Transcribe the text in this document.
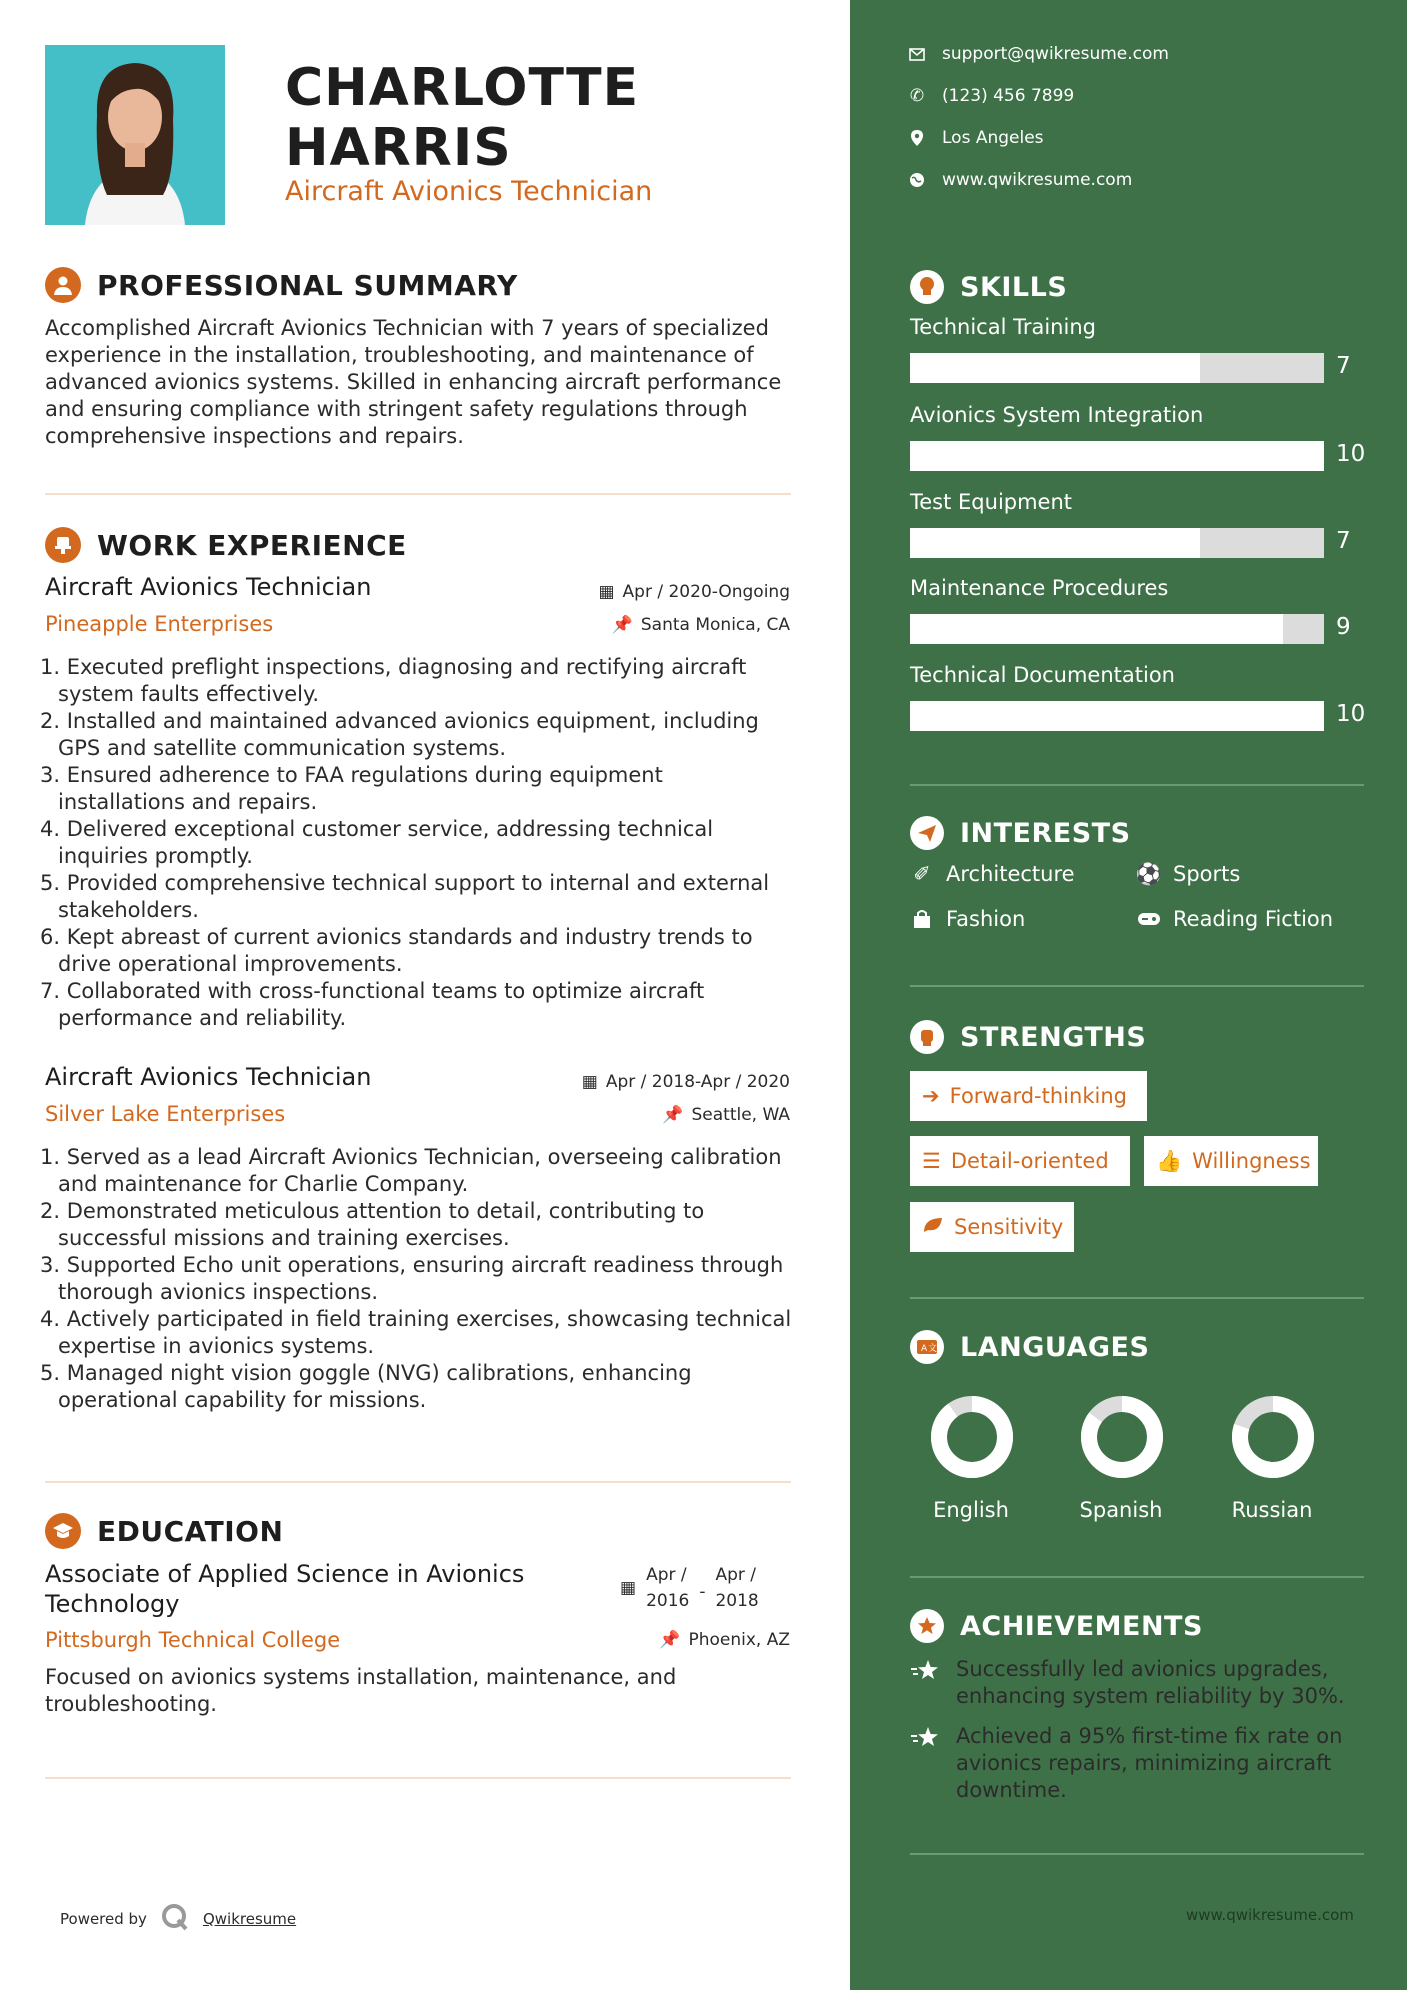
CHARLOTTE
HARRIS
Aircraft Avionics Technician
PROFESSIONAL SUMMARY
Accomplished Aircraft Avionics Technician with 7 years of specialized experience in the installation, troubleshooting, and maintenance of advanced avionics systems. Skilled in enhancing aircraft performance and ensuring compliance with stringent safety regulations through comprehensive inspections and repairs.
WORK EXPERIENCE
Aircraft Avionics Technician
Pineapple Enterprises
▦ Apr / 2020-Ongoing
📌 Santa Monica, CA
1. Executed preflight inspections, diagnosing and rectifying aircraft system faults effectively.
2. Installed and maintained advanced avionics equipment, including GPS and satellite communication systems.
3. Ensured adherence to FAA regulations during equipment installations and repairs.
4. Delivered exceptional customer service, addressing technical inquiries promptly.
5. Provided comprehensive technical support to internal and external stakeholders.
6. Kept abreast of current avionics standards and industry trends to drive operational improvements.
7. Collaborated with cross-functional teams to optimize aircraft performance and reliability.
Aircraft Avionics Technician
Silver Lake Enterprises
▦ Apr / 2018-Apr / 2020
📌 Seattle, WA
1. Served as a lead Aircraft Avionics Technician, overseeing calibration and maintenance for Charlie Company.
2. Demonstrated meticulous attention to detail, contributing to successful missions and training exercises.
3. Supported Echo unit operations, ensuring aircraft readiness through thorough avionics inspections.
4. Actively participated in field training exercises, showcasing technical expertise in avionics systems.
5. Managed night vision goggle (NVG) calibrations, enhancing operational capability for missions.
EDUCATION
Associate of Applied Science in Avionics Technology
Pittsburgh Technical College
▦
Apr /
2016 -
Apr /
2018
📌 Phoenix, AZ
Focused on avionics systems installation, maintenance, and troubleshooting.
Powered by	Qwikresume
support@qwikresume.com
✆ (123) 456 7899
Los Angeles
www.qwikresume.com
SKILLS
Technical Training
7
Avionics System Integration
10
Test Equipment
7
Maintenance Procedures
9
Technical Documentation
10
INTERESTS
✐ Architecture	⚽ Sports
Fashion	Reading Fiction
STRENGTHS
➔ Forward-thinking
☰ Detail-oriented 👍 Willingness
Sensitivity
A 文 LANGUAGES
English	Spanish	Russian
ACHIEVEMENTS
Successfully led avionics upgrades, enhancing system reliability by 30%.
Achieved a 95% first-time fix rate on avionics repairs, minimizing aircraft downtime.
www.qwikresume.com
